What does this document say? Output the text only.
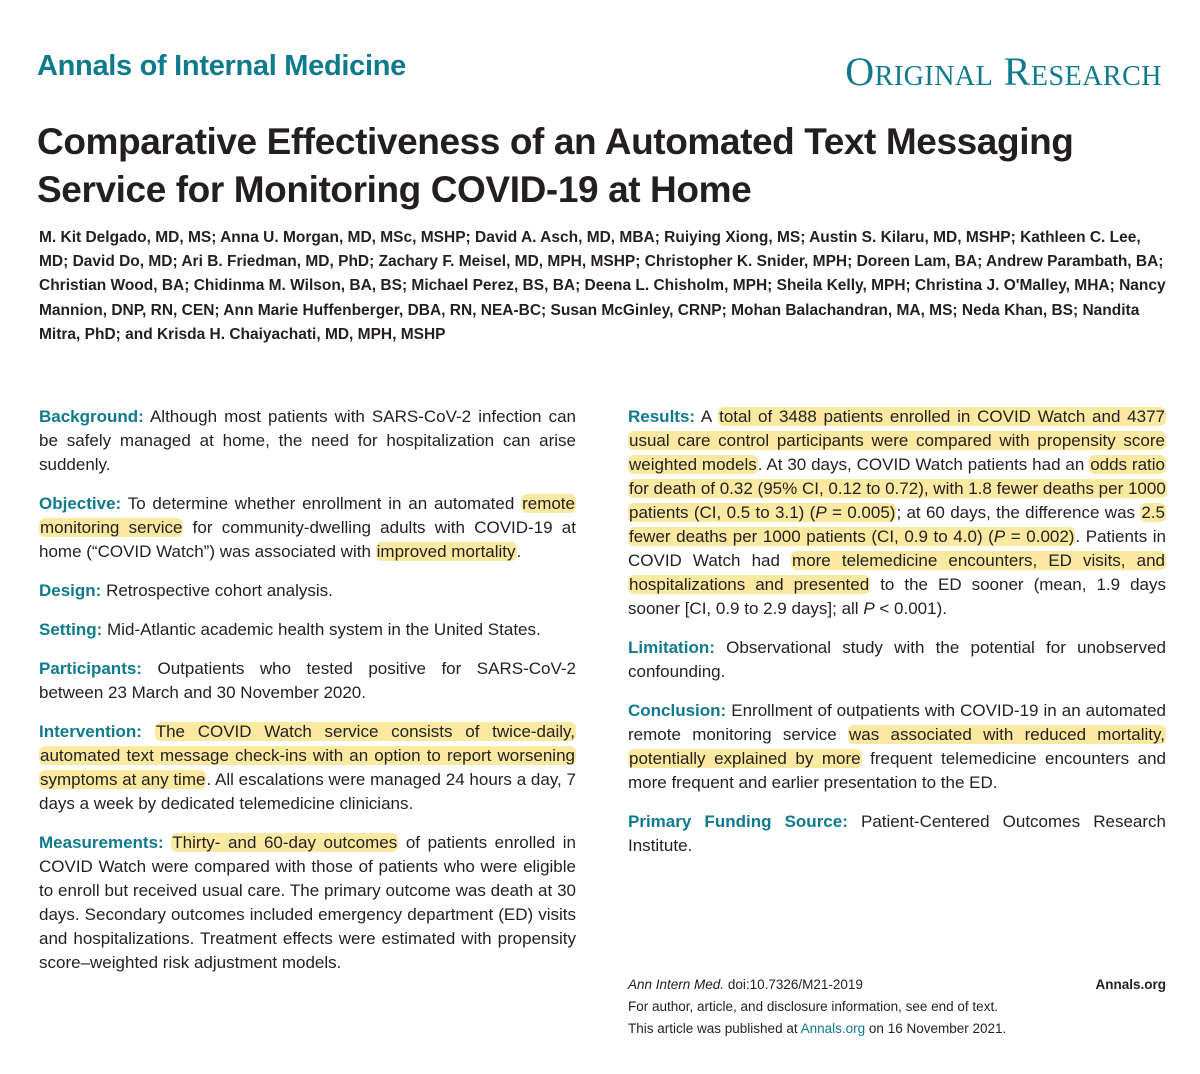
Annals of Internal Medicine	Original Research
Comparative Effectiveness of an Automated Text Messaging Service for Monitoring COVID-19 at Home
M. Kit Delgado, MD, MS; Anna U. Morgan, MD, MSc, MSHP; David A. Asch, MD, MBA; Ruiying Xiong, MS; Austin S. Kilaru, MD, MSHP; Kathleen C. Lee, MD; David Do, MD; Ari B. Friedman, MD, PhD; Zachary F. Meisel, MD, MPH, MSHP; Christopher K. Snider, MPH; Doreen Lam, BA; Andrew Parambath, BA; Christian Wood, BA; Chidinma M. Wilson, BA, BS; Michael Perez, BS, BA; Deena L. Chisholm, MPH; Sheila Kelly, MPH; Christina J. O'Malley, MHA; Nancy Mannion, DNP, RN, CEN; Ann Marie Huffenberger, DBA, RN, NEA-BC; Susan McGinley, CRNP; Mohan Balachandran, MA, MS; Neda Khan, BS; Nandita Mitra, PhD; and Krisda H. Chaiyachati, MD, MPH, MSHP

Background: Although most patients with SARS-CoV-2 infection can be safely managed at home, the need for hospitalization can arise suddenly.

Objective: To determine whether enrollment in an automated remote monitoring service for community-dwelling adults with COVID-19 at home (“COVID Watch”) was associated with improved mortality.

Design: Retrospective cohort analysis.

Setting: Mid-Atlantic academic health system in the United States.

Participants: Outpatients who tested positive for SARS-CoV-2 between 23 March and 30 November 2020.

Intervention: The COVID Watch service consists of twice-daily, automated text message check-ins with an option to report worsening symptoms at any time. All escalations were managed 24 hours a day, 7 days a week by dedicated telemedicine clinicians.

Measurements: Thirty- and 60-day outcomes of patients enrolled in COVID Watch were compared with those of patients who were eligible to enroll but received usual care. The primary outcome was death at 30 days. Secondary outcomes included emergency department (ED) visits and hospitalizations. Treatment effects were estimated with propensity score–weighted risk adjustment models.

Results: A total of 3488 patients enrolled in COVID Watch and 4377 usual care control participants were compared with propensity score weighted models. At 30 days, COVID Watch patients had an odds ratio for death of 0.32 (95% CI, 0.12 to 0.72), with 1.8 fewer deaths per 1000 patients (CI, 0.5 to 3.1) (P = 0.005); at 60 days, the difference was 2.5 fewer deaths per 1000 patients (CI, 0.9 to 4.0) (P = 0.002). Patients in COVID Watch had more telemedicine encounters, ED visits, and hospitalizations and presented to the ED sooner (mean, 1.9 days sooner [CI, 0.9 to 2.9 days]; all P < 0.001).

Limitation: Observational study with the potential for unobserved confounding.

Conclusion: Enrollment of outpatients with COVID-19 in an automated remote monitoring service was associated with reduced mortality, potentially explained by more frequent telemedicine encounters and more frequent and earlier presentation to the ED.

Primary Funding Source: Patient-Centered Outcomes Research Institute.

Ann Intern Med. doi:10.7326/M21-2019	Annals.org
For author, article, and disclosure information, see end of text.
This article was published at Annals.org on 16 November 2021.
